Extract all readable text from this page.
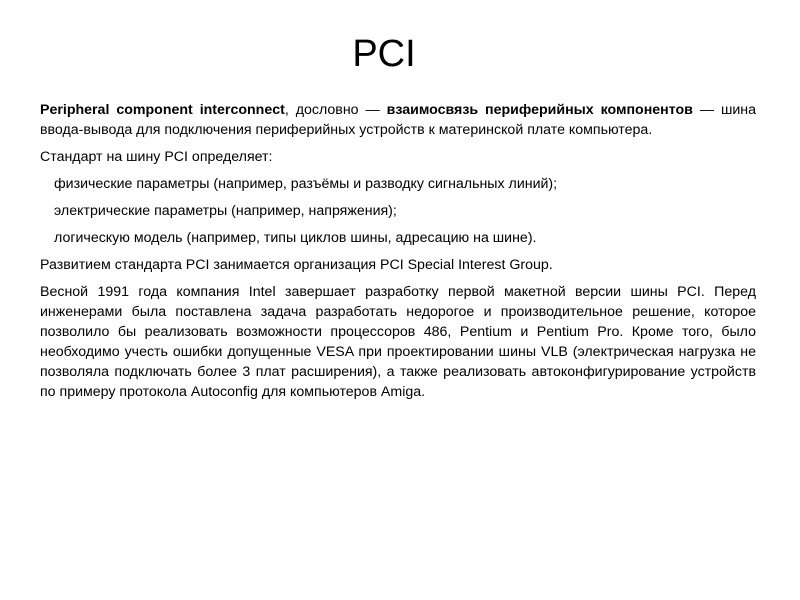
PCI

Peripheral component interconnect, дословно — взаимосвязь периферийных компонентов — шина ввода-вывода для подключения периферийных устройств к материнской плате компьютера.

Стандарт на шину PCI определяет:

физические параметры (например, разъёмы и разводку сигнальных линий);
электрические параметры (например, напряжения);
логическую модель (например, типы циклов шины, адресацию на шине).

Развитием стандарта PCI занимается организация PCI Special Interest Group.

Весной 1991 года компания Intel завершает разработку первой макетной версии шины PCI. Перед инженерами была поставлена задача разработать недорогое и производительное решение, которое позволило бы реализовать возможности процессоров 486, Pentium и Pentium Pro. Кроме того, было необходимо учесть ошибки допущенные VESA при проектировании шины VLB (электрическая нагрузка не позволяла подключать более 3 плат расширения), а также реализовать автоконфигурирование устройств по примеру протокола Autoconfig для компьютеров Amiga.
